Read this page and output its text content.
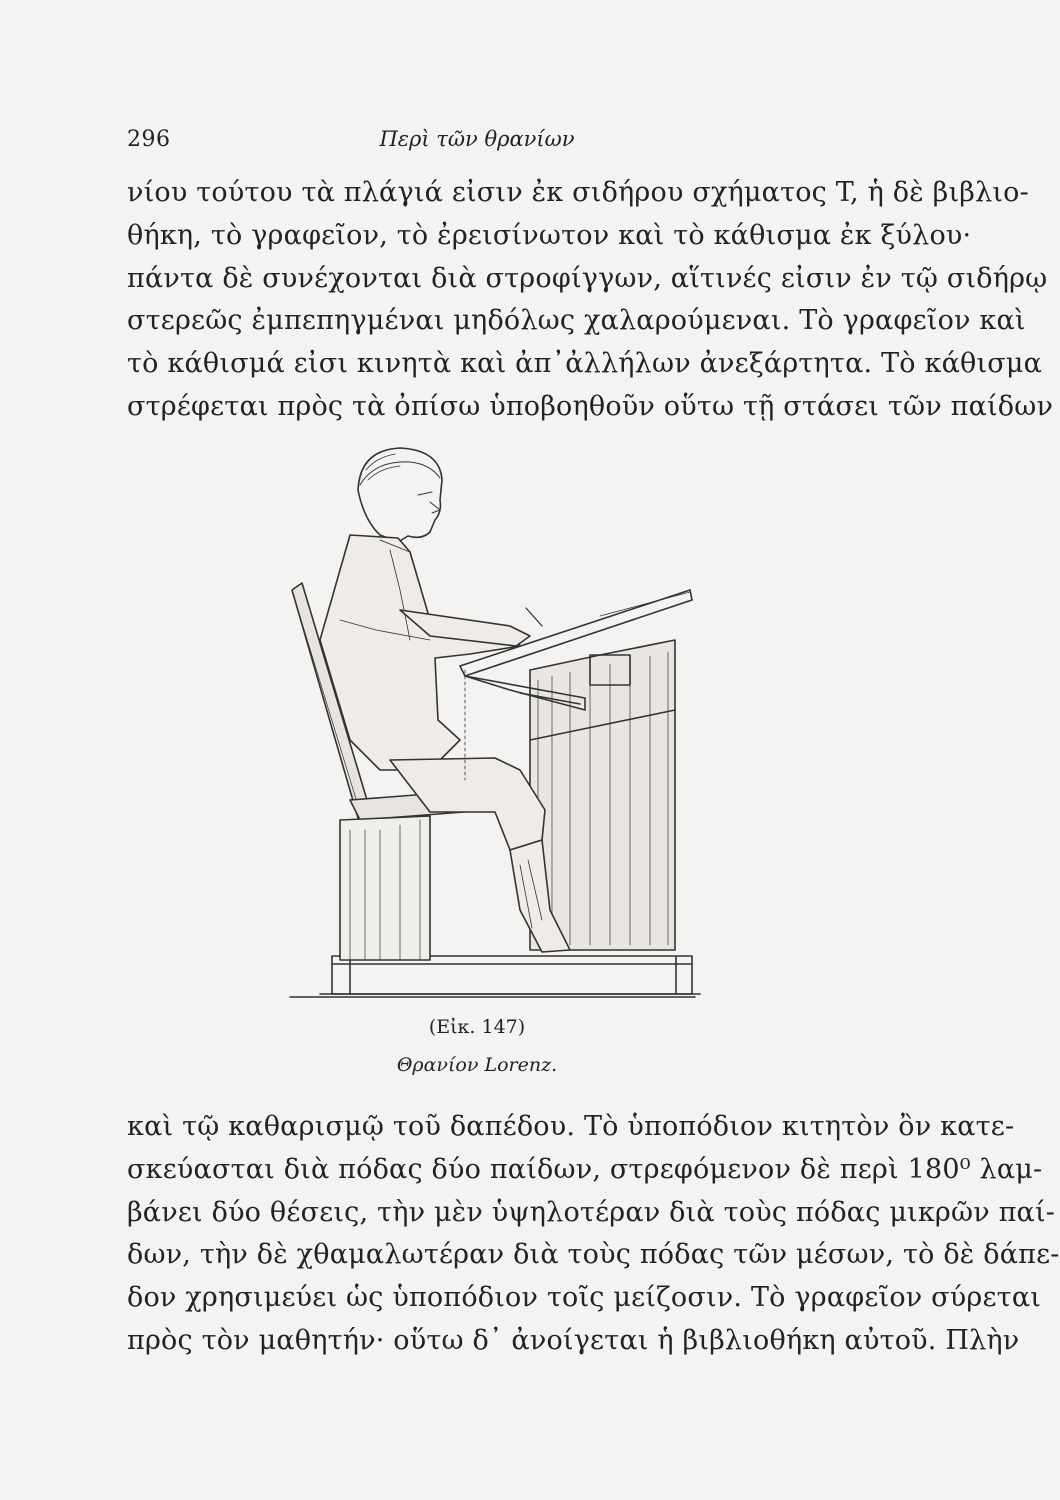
296	Περὶ τῶν θρανίων
νίου τούτου τὰ πλάγιά εἰσιν ἐκ σιδήρου σχήματος T, ἡ δὲ βιβλιο-
θήκη, τὸ γραφεῖον, τὸ ἐρεισίνωτον καὶ τὸ κάθισμα ἐκ ξύλου·
πάντα δὲ συνέχονται διὰ στροφίγγων, αἵτινές εἰσιν ἐν τῷ σιδήρῳ
στερεῶς ἐμπεπηγμέναι μηδόλως χαλαρούμεναι. Τὸ γραφεῖον καὶ
τὸ κάθισμά εἰσι κινητὰ καὶ ἀπ᾽ἀλλήλων ἀνεξάρτητα. Τὸ κάθισμα
στρέφεται πρὸς τὰ ὀπίσω ὑποβοηθοῦν οὕτω τῇ στάσει τῶν παίδων
(Εἰκ. 147)
Θρανίον Lorenz.
καὶ τῷ καθαρισμῷ τοῦ δαπέδου. Τὸ ὑποπόδιον κιτητὸν ὂν κατε-
σκεύασται διὰ πόδας δύο παίδων, στρεφόμενον δὲ περὶ 180⁰ λαμ-
βάνει δύο θέσεις, τὴν μὲν ὑψηλοτέραν διὰ τοὺς πόδας μικρῶν παί-
δων, τὴν δὲ χθαμαλωτέραν διὰ τοὺς πόδας τῶν μέσων, τὸ δὲ δάπε-
δον χρησιμεύει ὡς ὑποπόδιον τοῖς μείζοσιν. Τὸ γραφεῖον σύρεται
πρὸς τὸν μαθητήν· οὕτω δ᾽ ἀνοίγεται ἡ βιβλιοθήκη αὐτοῦ. Πλὴν
